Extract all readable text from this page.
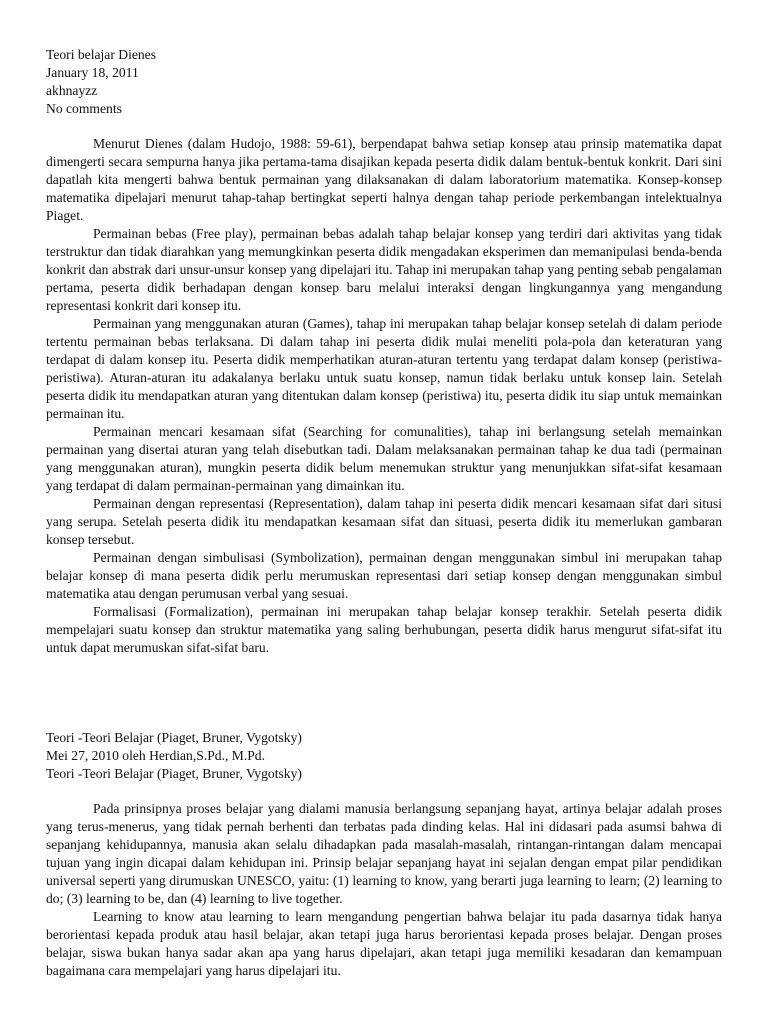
Teori belajar Dienes

January 18, 2011

akhnayzz

No comments

Menurut Dienes (dalam Hudojo, 1988: 59-61), berpendapat bahwa setiap konsep atau prinsip matematika dapat dimengerti secara sempurna hanya jika pertama-tama disajikan kepada peserta didik dalam bentuk-bentuk konkrit. Dari sini dapatlah kita mengerti bahwa bentuk permainan yang dilaksanakan di dalam laboratorium matematika. Konsep-konsep matematika dipelajari menurut tahap-tahap bertingkat seperti halnya dengan tahap periode perkembangan intelektualnya Piaget.

Permainan bebas (Free play), permainan bebas adalah tahap belajar konsep yang terdiri dari aktivitas yang tidak terstruktur dan tidak diarahkan yang memungkinkan peserta didik mengadakan eksperimen dan memanipulasi benda-benda konkrit dan abstrak dari unsur-unsur konsep yang dipelajari itu. Tahap ini merupakan tahap yang penting sebab pengalaman pertama, peserta didik berhadapan dengan konsep baru melalui interaksi dengan lingkungannya yang mengandung representasi konkrit dari konsep itu.

Permainan yang menggunakan aturan (Games), tahap ini merupakan tahap belajar konsep setelah di dalam periode tertentu permainan bebas terlaksana. Di dalam tahap ini peserta didik mulai meneliti pola-pola dan keteraturan yang terdapat di dalam konsep itu. Peserta didik memperhatikan aturan-aturan tertentu yang terdapat dalam konsep (peristiwa-peristiwa). Aturan-aturan itu adakalanya berlaku untuk suatu konsep, namun tidak berlaku untuk konsep lain. Setelah peserta didik itu mendapatkan aturan yang ditentukan dalam konsep (peristiwa) itu, peserta didik itu siap untuk memainkan permainan itu.

Permainan mencari kesamaan sifat (Searching for comunalities), tahap ini berlangsung setelah memainkan permainan yang disertai aturan yang telah disebutkan tadi. Dalam melaksanakan permainan tahap ke dua tadi (permainan yang menggunakan aturan), mungkin peserta didik belum menemukan struktur yang menunjukkan sifat-sifat kesamaan yang terdapat di dalam permainan-permainan yang dimainkan itu.

Permainan dengan representasi (Representation), dalam tahap ini peserta didik mencari kesamaan sifat dari situsi yang serupa. Setelah peserta didik itu mendapatkan kesamaan sifat dan situasi, peserta didik itu memerlukan gambaran konsep tersebut.

Permainan dengan simbulisasi (Symbolization), permainan dengan menggunakan simbul ini merupakan tahap belajar konsep di mana peserta didik perlu merumuskan representasi dari setiap konsep dengan menggunakan simbul matematika atau dengan perumusan verbal yang sesuai.

Formalisasi (Formalization), permainan ini merupakan tahap belajar konsep terakhir. Setelah peserta didik mempelajari suatu konsep dan struktur matematika yang saling berhubungan, peserta didik harus mengurut sifat-sifat itu untuk dapat merumuskan sifat-sifat baru.

Teori -Teori Belajar (Piaget, Bruner, Vygotsky)

Mei 27, 2010 oleh Herdian,S.Pd., M.Pd.

Teori -Teori Belajar (Piaget, Bruner, Vygotsky)

Pada prinsipnya proses belajar yang dialami manusia berlangsung sepanjang hayat, artinya belajar adalah proses yang terus-menerus, yang tidak pernah berhenti dan terbatas pada dinding kelas. Hal ini didasari pada asumsi bahwa di sepanjang kehidupannya, manusia akan selalu dihadapkan pada masalah-masalah, rintangan-rintangan dalam mencapai tujuan yang ingin dicapai dalam kehidupan ini. Prinsip belajar sepanjang hayat ini sejalan dengan empat pilar pendidikan universal seperti yang dirumuskan UNESCO, yaitu: (1) learning to know, yang berarti juga learning to learn; (2) learning to do; (3) learning to be, dan (4) learning to live together.

Learning to know atau learning to learn mengandung pengertian bahwa belajar itu pada dasarnya tidak hanya berorientasi kepada produk atau hasil belajar, akan tetapi juga harus berorientasi kepada proses belajar. Dengan proses belajar, siswa bukan hanya sadar akan apa yang harus dipelajari, akan tetapi juga memiliki kesadaran dan kemampuan bagaimana cara mempelajari yang harus dipelajari itu.
